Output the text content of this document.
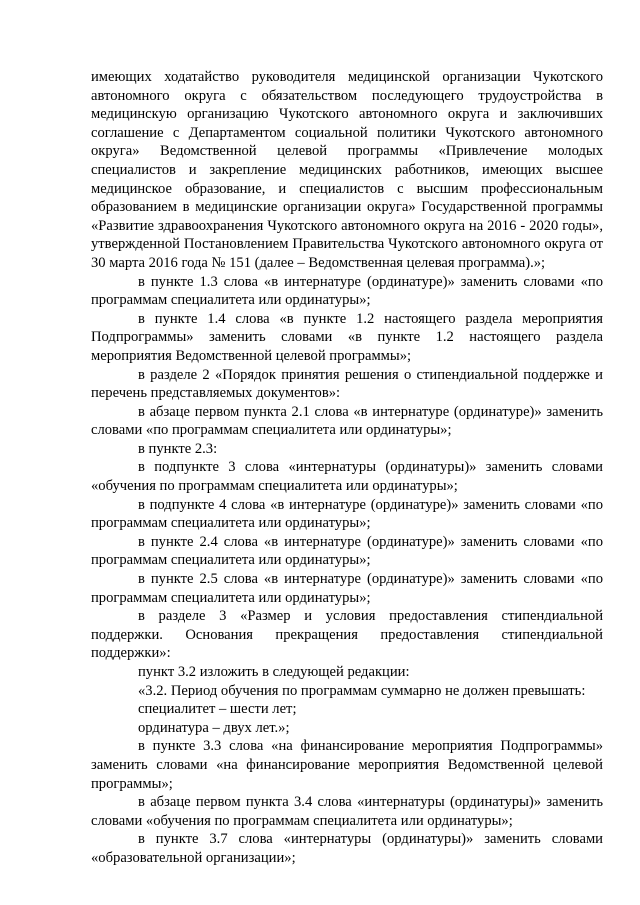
имеющих ходатайство руководителя медицинской организации Чукотского автономного округа с обязательством последующего трудоустройства в медицинскую организацию Чукотского автономного округа и заключивших соглашение с Департаментом социальной политики Чукотского автономного округа» Ведомственной целевой программы «Привлечение молодых специалистов и закрепление медицинских работников, имеющих высшее медицинское образование, и специалистов с высшим профессиональным образованием в медицинские организации округа» Государственной программы «Развитие здравоохранения Чукотского автономного округа на 2016 - 2020 годы», утвержденной Постановлением Правительства Чукотского автономного округа от 30 марта 2016 года № 151 (далее – Ведомственная целевая программа).»;

в пункте 1.3 слова «в интернатуре (ординатуре)» заменить словами «по программам специалитета или ординатуры»;

в пункте 1.4 слова «в пункте 1.2 настоящего раздела мероприятия Подпрограммы» заменить словами «в пункте 1.2 настоящего раздела мероприятия Ведомственной целевой программы»;

в разделе 2 «Порядок принятия решения о стипендиальной поддержке и перечень представляемых документов»:

в абзаце первом пункта 2.1 слова «в интернатуре (ординатуре)» заменить словами «по программам специалитета или ординатуры»;

в пункте 2.3:

в подпункте 3 слова «интернатуры (ординатуры)» заменить словами «обучения по программам специалитета или ординатуры»;

в подпункте 4 слова «в интернатуре (ординатуре)» заменить словами «по программам специалитета или ординатуры»;

в пункте 2.4 слова «в интернатуре (ординатуре)» заменить словами «по программам специалитета или ординатуры»;

в пункте 2.5 слова «в интернатуре (ординатуре)» заменить словами «по программам специалитета или ординатуры»;

в разделе 3 «Размер и условия предоставления стипендиальной поддержки. Основания прекращения предоставления стипендиальной поддержки»:

пункт 3.2 изложить в следующей редакции:

«3.2. Период обучения по программам суммарно не должен превышать:

специалитет – шести лет;

ординатура – двух лет.»;

в пункте 3.3 слова «на финансирование мероприятия Подпрограммы» заменить словами «на финансирование мероприятия Ведомственной целевой программы»;

в абзаце первом пункта 3.4 слова «интернатуры (ординатуры)» заменить словами «обучения по программам специалитета или ординатуры»;

в пункте 3.7 слова «интернатуры (ординатуры)» заменить словами «образовательной организации»;
